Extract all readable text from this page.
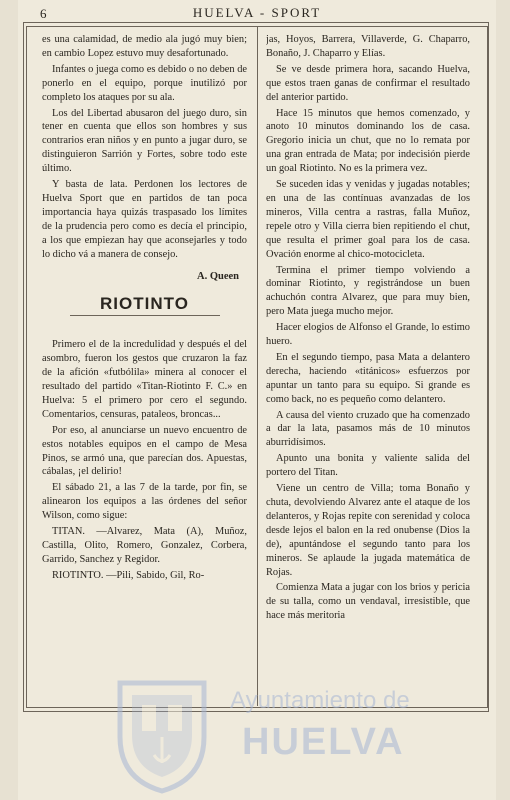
6	HUELVA - SPORT

es una calamidad, de medio ala jugó muy bien; en cambio Lopez estuvo muy desafortunado.

Infantes o juega como es debido o no deben de ponerlo en el equipo, porque inutilizó por completo los ataques por su ala.

Los del Libertad abusaron del juego duro, sin tener en cuenta que ellos son hombres y sus contrarios eran niños y en punto a jugar duro, se distinguieron Sarrión y Fortes, sobre todo este último.

Y basta de lata. Perdonen los lectores de Huelva Sport que en partidos de tan poca importancia haya quizás traspasado los límites de la prudencia pero como es decía el principio, a los que empiezan hay que aconsejarles y todo lo dicho vá a manera de consejo.

A. Queen
RIOTINTO

Primero el de la incredulidad y después el del asombro, fueron los gestos que cruzaron la faz de la afición «futbólila» minera al conocer el resultado del partido «Titan-Riotinto F. C.» en Huelva: 5 el primero por cero el segundo. Comentarios, censuras, pataleos, broncas...

Por eso, al anunciarse un nuevo encuentro de estos notables equipos en el campo de Mesa Pinos, se armó una, que parecían dos. Apuestas, cábalas, ¡el delirio!

El sábado 21, a las 7 de la tarde, por fin, se alinearon los equipos a las órdenes del señor Wilson, como sigue:

TITAN. —Alvarez, Mata (A), Muñoz, Castilla, Olito, Romero, Gonzalez, Corbera, Garrido, Sanchez y Regidor.

RIOTINTO. —Pili, Sabido, Gil, Ro-

jas, Hoyos, Barrera, Villaverde, G. Chaparro, Bonaño, J. Chaparro y Elías.

Se ve desde primera hora, sacando Huelva, que estos traen ganas de confirmar el resultado del anterior partido.

Hace 15 minutos que hemos comenzado, y anoto 10 minutos dominando los de casa. Gregorio inicia un chut, que no lo remata por una gran entrada de Mata; por indecisión pierde un goal Riotinto. No es la primera vez.

Se suceden idas y venidas y jugadas notables; en una de las contínuas avanzadas de los mineros, Villa centra a rastras, falla Muñoz, repele otro y Villa cierra bien repitiendo el chut, que resulta el primer goal para los de casa. Ovación enorme al chico-motocicleta.

Termina el primer tiempo volviendo a dominar Riotinto, y registrándose un buen achuchón contra Alvarez, que para muy bien, pero Mata juega mucho mejor.

Hacer elogios de Alfonso el Grande, lo estimo huero.

En el segundo tiempo, pasa Mata a delantero derecha, haciendo «titánicos» esfuerzos por apuntar un tanto para su equipo. Si grande es como back, no es pequeño como delantero.

A causa del viento cruzado que ha comenzado a dar la lata, pasamos más de 10 minutos aburridísimos.

Apunto una bonita y valiente salida del portero del Titan.

Viene un centro de Villa; toma Bonaño y chuta, devolviendo Alvarez ante el ataque de los delanteros, y Rojas repite con serenidad y coloca desde lejos el balon en la red onubense (Dios la de), apuntándose el segundo tanto para los mineros. Se aplaude la jugada matemática de Rojas.

Comienza Mata a jugar con los brios y pericia de su talla, como un vendaval, irresistible, que hace más meritoria

Ayuntamiento de
HUELVA
